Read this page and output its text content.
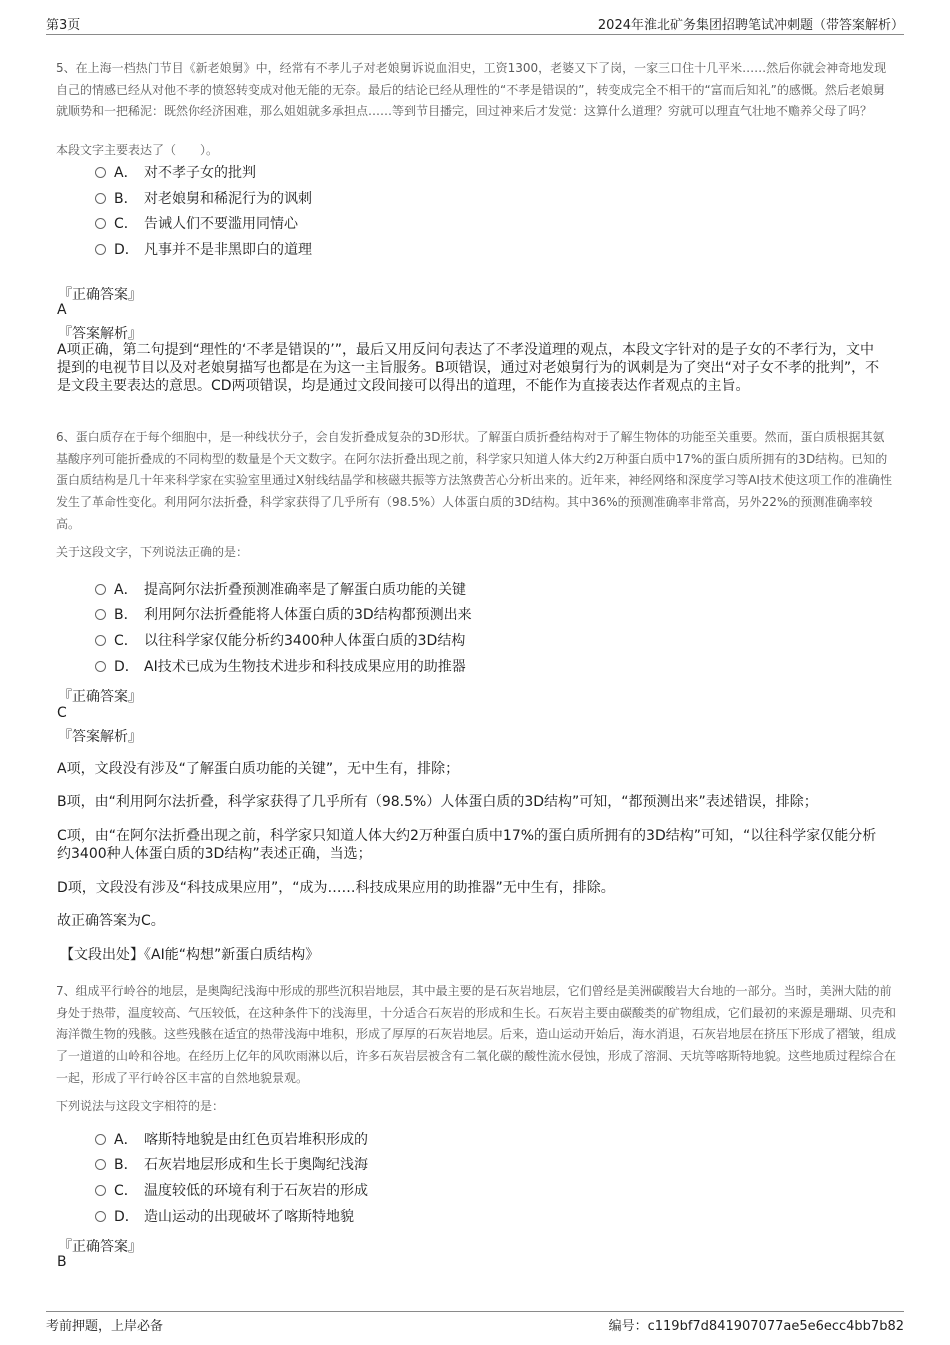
第3页	2024年淮北矿务集团招聘笔试冲刺题（带答案解析）

5、在上海一档热门节目《新老娘舅》中，经常有不孝儿子对老娘舅诉说血泪史，工资1300，老婆又下了岗，一家三口住十几平米……然后你就会神奇地发现自己的情感已经从对他不孝的愤怒转变成对他无能的无奈。最后的结论已经从理性的“不孝是错误的”，转变成完全不相干的“富而后知礼”的感慨。然后老娘舅就顺势和一把稀泥：既然你经济困难，那么姐姐就多承担点……等到节目播完，回过神来后才发觉：这算什么道理？穷就可以理直气壮地不赡养父母了吗？

本段文字主要表达了（　　）。
A． 对不孝子女的批判
B． 对老娘舅和稀泥行为的讽刺
C． 告诫人们不要滥用同情心
D． 凡事并不是非黑即白的道理
『正确答案』
A
『答案解析』

A项正确，第二句提到“理性的‘不孝是错误的’”，最后又用反问句表达了不孝没道理的观点，本段文字针对的是子女的不孝行为，文中提到的电视节目以及对老娘舅描写也都是在为这一主旨服务。B项错误，通过对老娘舅行为的讽刺是为了突出“对子女不孝的批判”，不是文段主要表达的意思。CD两项错误，均是通过文段间接可以得出的道理，不能作为直接表达作者观点的主旨。

6、蛋白质存在于每个细胞中，是一种线状分子，会自发折叠成复杂的3D形状。了解蛋白质折叠结构对于了解生物体的功能至关重要。然而，蛋白质根据其氨基酸序列可能折叠成的不同构型的数量是个天文数字。在阿尔法折叠出现之前，科学家只知道人体大约2万种蛋白质中17%的蛋白质所拥有的3D结构。已知的蛋白质结构是几十年来科学家在实验室里通过X射线结晶学和核磁共振等方法煞费苦心分析出来的。近年来，神经网络和深度学习等AI技术使这项工作的准确性发生了革命性变化。利用阿尔法折叠，科学家获得了几乎所有（98.5%）人体蛋白质的3D结构。其中36%的预测准确率非常高，另外22%的预测准确率较高。

关于这段文字，下列说法正确的是：
A． 提高阿尔法折叠预测准确率是了解蛋白质功能的关键
B． 利用阿尔法折叠能将人体蛋白质的3D结构都预测出来
C． 以往科学家仅能分析约3400种人体蛋白质的3D结构
D． AI技术已成为生物技术进步和科技成果应用的助推器
『正确答案』
C
『答案解析』

A项，文段没有涉及“了解蛋白质功能的关键”，无中生有，排除；

B项，由“利用阿尔法折叠，科学家获得了几乎所有（98.5%）人体蛋白质的3D结构”可知，“都预测出来”表述错误，排除；

C项，由“在阿尔法折叠出现之前，科学家只知道人体大约2万种蛋白质中17%的蛋白质所拥有的3D结构”可知，“以往科学家仅能分析约3400种人体蛋白质的3D结构”表述正确，当选；

D项，文段没有涉及“科技成果应用”，“成为……科技成果应用的助推器”无中生有，排除。

故正确答案为C。

【文段出处】《AI能“构想”新蛋白质结构》

7、组成平行岭谷的地层，是奥陶纪浅海中形成的那些沉积岩地层，其中最主要的是石灰岩地层，它们曾经是美洲碳酸岩大台地的一部分。当时，美洲大陆的前身处于热带，温度较高、气压较低，在这种条件下的浅海里，十分适合石灰岩的形成和生长。石灰岩主要由碳酸类的矿物组成，它们最初的来源是珊瑚、贝壳和海洋微生物的残骸。这些残骸在适宜的热带浅海中堆积，形成了厚厚的石灰岩地层。后来，造山运动开始后，海水消退，石灰岩地层在挤压下形成了褶皱，组成了一道道的山岭和谷地。在经历上亿年的风吹雨淋以后，许多石灰岩层被含有二氧化碳的酸性流水侵蚀，形成了溶洞、天坑等喀斯特地貌。这些地质过程综合在一起，形成了平行岭谷区丰富的自然地貌景观。

下列说法与这段文字相符的是：
A． 喀斯特地貌是由红色页岩堆积形成的
B． 石灰岩地层形成和生长于奥陶纪浅海
C． 温度较低的环境有利于石灰岩的形成
D． 造山运动的出现破坏了喀斯特地貌
『正确答案』
B
考前押题，上岸必备	编号：c119bf7d841907077ae5e6ecc4bb7b82
